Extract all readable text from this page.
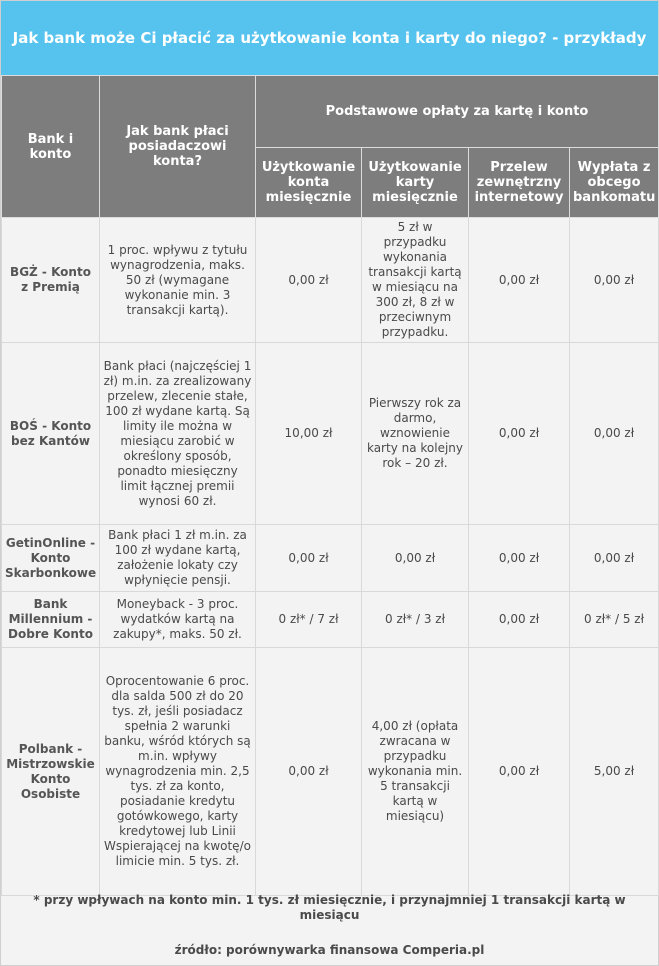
Jak bank może Ci płacić za użytkowanie konta i karty do niego? - przykłady
Bank i konto	Jak bank płaci posiadaczowi konta?	Podstawowe opłaty za kartę i konto			
		Użytkowanie konta miesięcznie	Użytkowanie karty miesięcznie	Przelew zewnętrzny internetowy	Wypłata z obcego bankomatu
BGŻ - Konto z Premią	1 proc. wpływu z tytułu wynagrodzenia, maks. 50 zł (wymagane wykonanie min. 3 transakcji kartą).	0,00 zł	5 zł w przypadku wykonania transakcji kartą w miesiącu na 300 zł, 8 zł w przeciwnym przypadku.	0,00 zł	0,00 zł
BOŚ - Konto bez Kantów	Bank płaci (najczęściej 1 zł) m.in. za zrealizowany przelew, zlecenie stałe, 100 zł wydane kartą. Są limity ile można w miesiącu zarobić w określony sposób, ponadto miesięczny limit łącznej premii wynosi 60 zł.	10,00 zł	Pierwszy rok za darmo, wznowienie karty na kolejny rok – 20 zł.	0,00 zł	0,00 zł
GetinOnline - Konto Skarbonkowe	Bank płaci 1 zł m.in. za 100 zł wydane kartą, założenie lokaty czy wpłynięcie pensji.	0,00 zł	0,00 zł	0,00 zł	0,00 zł
Bank Millennium - Dobre Konto	Moneyback - 3 proc. wydatków kartą na zakupy*, maks. 50 zł.	0 zł* / 7 zł	0 zł* / 3 zł	0,00 zł	0 zł* / 5 zł
Polbank - Mistrzowskie Konto Osobiste	Oprocentowanie 6 proc. dla salda 500 zł do 20 tys. zł, jeśli posiadacz spełnia 2 warunki banku, wśród których są m.in. wpływy wynagrodzenia min. 2,5 tys. zł za konto, posiadanie kredytu gotówkowego, karty kredytowej lub Linii Wspierającej na kwotę/o limicie min. 5 tys. zł.	0,00 zł	4,00 zł (opłata zwracana w przypadku wykonania min. 5 transakcji kartą w miesiącu)	0,00 zł	5,00 zł
* przy wpływach na konto min. 1 tys. zł miesięcznie, i przynajmniej 1 transakcji kartą w miesiącu
źródło: porównywarka finansowa Comperia.pl
